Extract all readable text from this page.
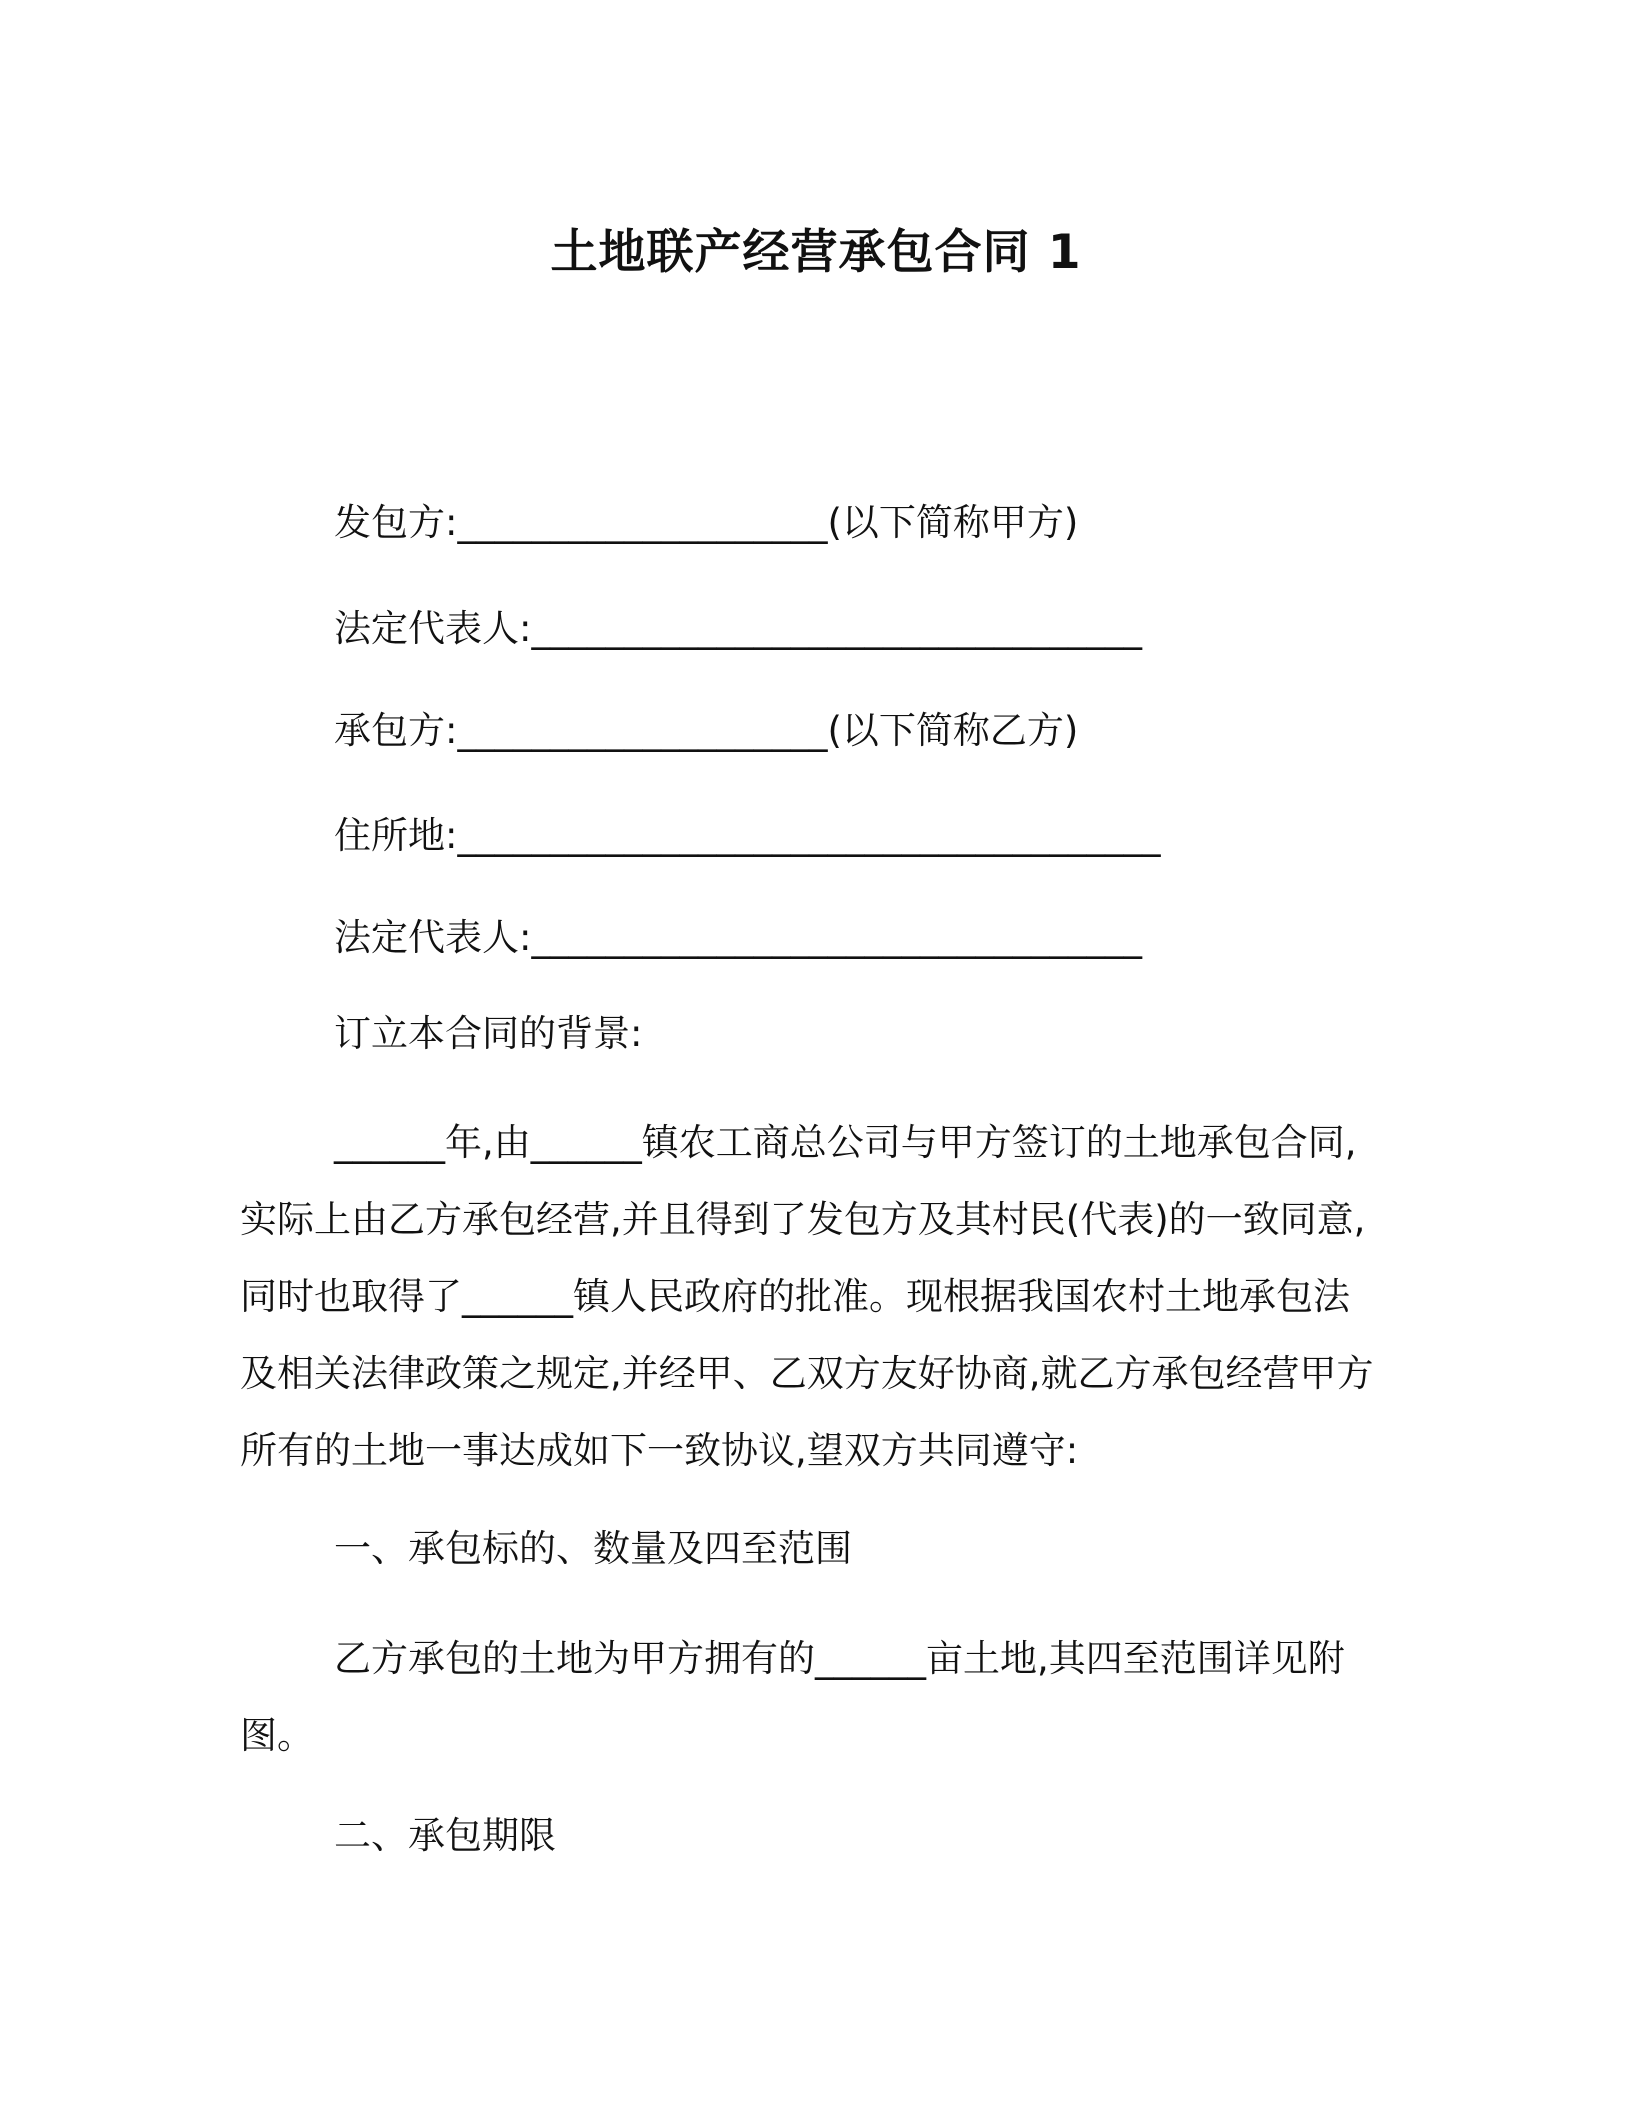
土地联产经营承包合同 1
发包方:____________________(以下简称甲方)
法定代表人:_________________________________
承包方:____________________(以下简称乙方)
住所地:______________________________________
法定代表人:_________________________________
订立本合同的背景:
______年,由______镇农工商总公司与甲方签订的土地承包合同,
实际上由乙方承包经营,并且得到了发包方及其村民(代表)的一致同意,
同时也取得了______镇人民政府的批准。现根据我国农村土地承包法
及相关法律政策之规定,并经甲、乙双方友好协商,就乙方承包经营甲方
所有的土地一事达成如下一致协议,望双方共同遵守:
一、承包标的、数量及四至范围
乙方承包的土地为甲方拥有的______亩土地,其四至范围详见附
图。
二、承包期限
